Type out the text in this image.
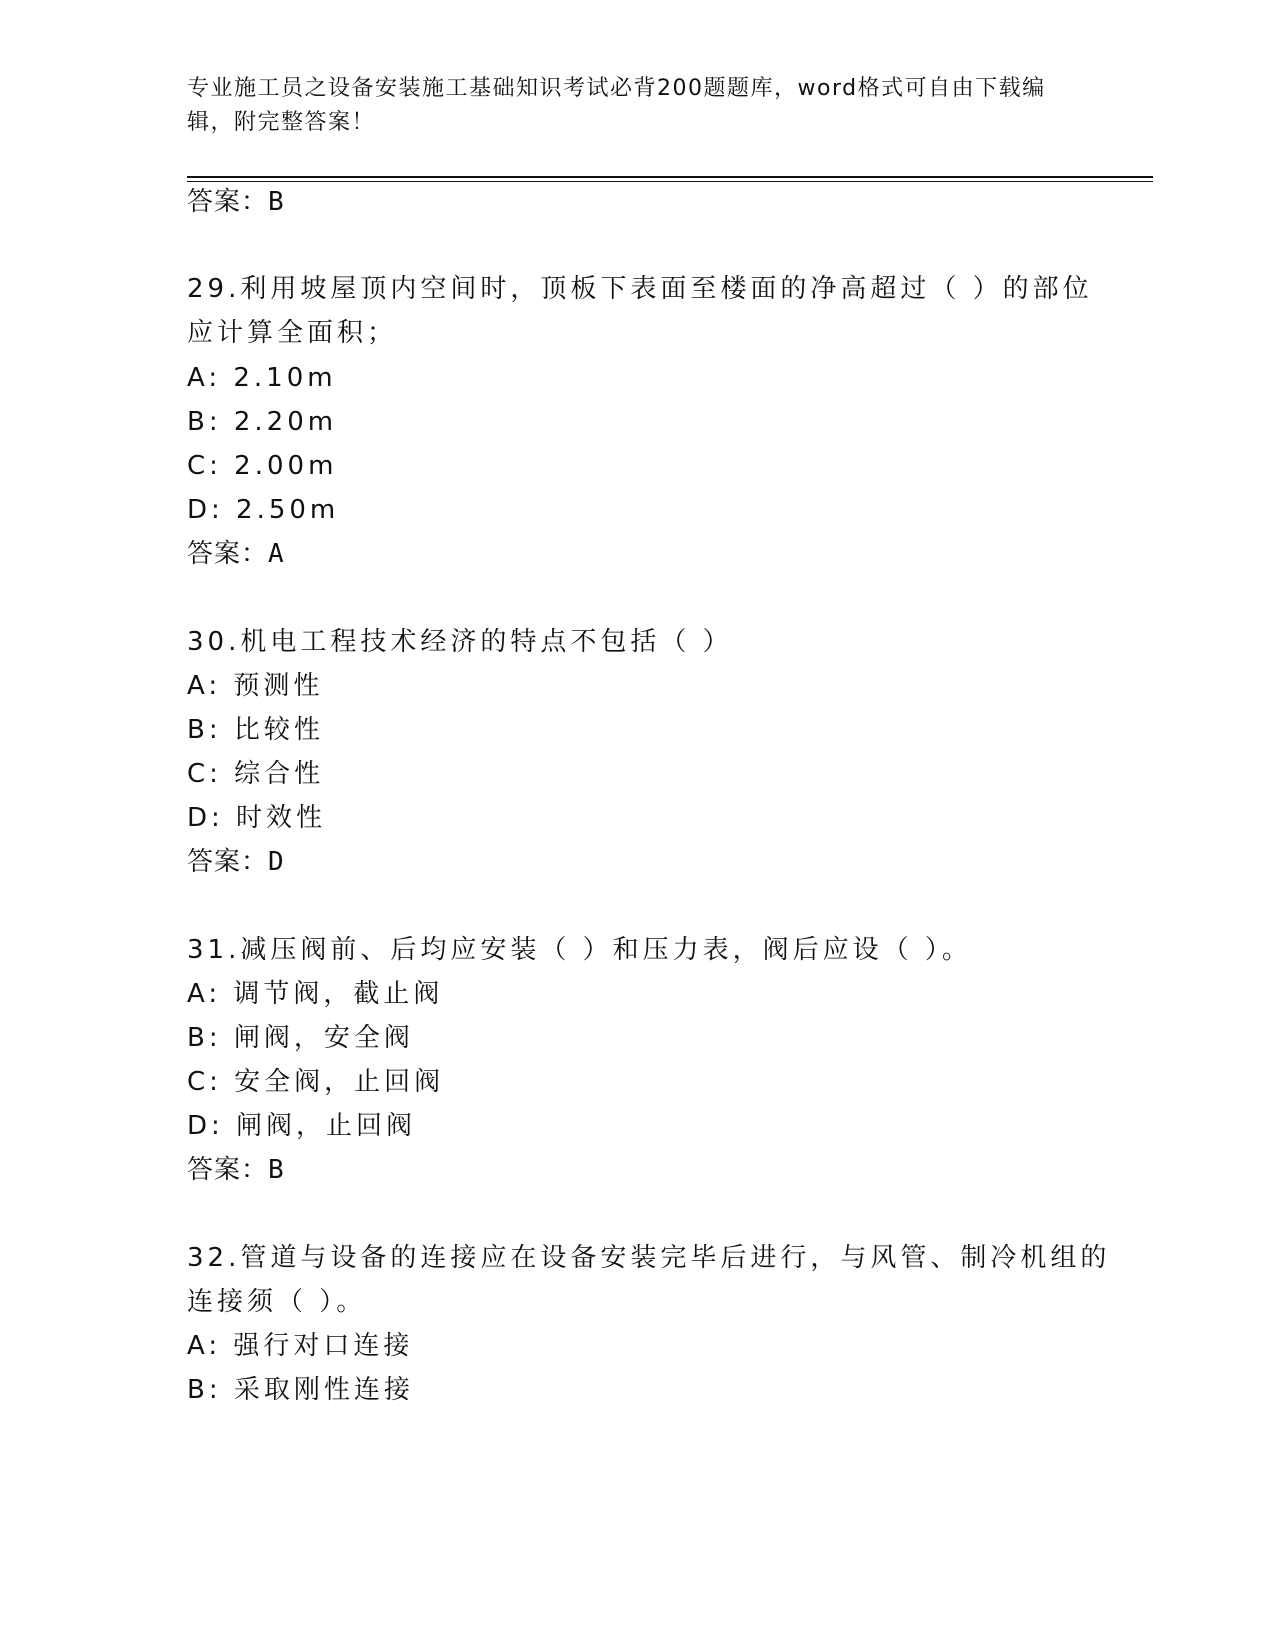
专业施工员之设备安装施工基础知识考试必背200题题库，word格式可自由下载编辑，附完整答案！
答案：B
29.利用坡屋顶内空间时，顶板下表面至楼面的净高超过（ ）的部位
应计算全面积；
A: 2.10m
B: 2.20m
C: 2.00m
D: 2.50m
答案：A
30.机电工程技术经济的特点不包括（ ）
A: 预测性
B: 比较性
C: 综合性
D: 时效性
答案：D
31.减压阀前、后均应安装（ ）和压力表，阀后应设（ ）。
A: 调节阀，截止阀
B: 闸阀，安全阀
C: 安全阀，止回阀
D: 闸阀，止回阀
答案：B
32.管道与设备的连接应在设备安装完毕后进行，与风管、制冷机组的
连接须（ ）。
A: 强行对口连接
B: 采取刚性连接
